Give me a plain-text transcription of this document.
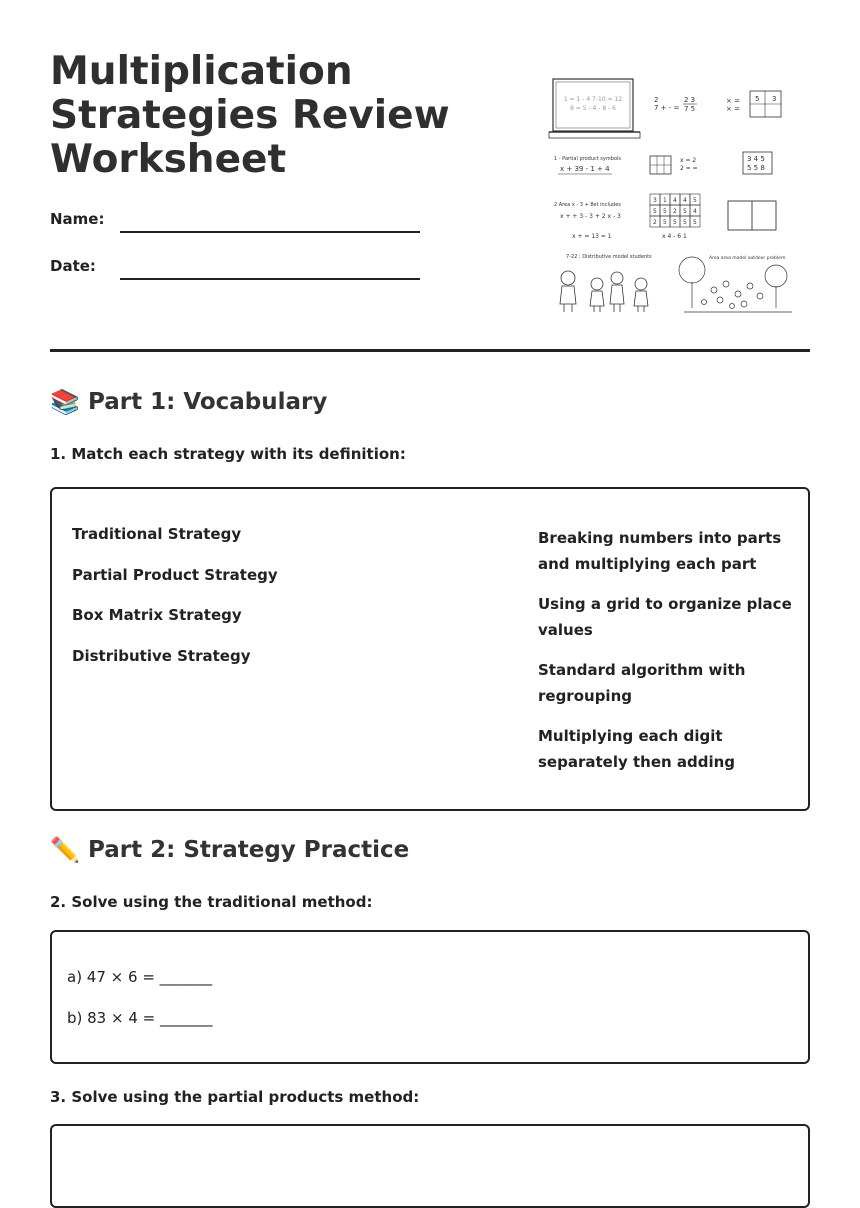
Multiplication Strategies Review Worksheet
Name:
Date:
1 = 1 - 4 7-10 = 12
8 = 5 - 4 - 8 - 6
2
7 + - =
2 3
7 5
× =
× =
5 3
1 - Partial product symbols
x + 39 - 1 + 4
x = 2
2 = =
3 4 5
5 5 8
2 Area x - 3 + 8et includes
x + + 3 - 3 + 2 x - 3
x + = 13 = 1
3 1 4 4 5
5 5 2 5 4
2 5 5 5 5
x 4 - 6 1
7-22 : Distributive model students	Area area model outdoor problem
📚 Part 1: Vocabulary

1. Match each strategy with its definition:

Traditional Strategy
Partial Product Strategy
Box Matrix Strategy
Distributive Strategy
Breaking numbers into parts and multiplying each part
Using a grid to organize place values
Standard algorithm with regrouping
Multiplying each digit separately then adding
✏️ Part 2: Strategy Practice

2. Solve using the traditional method:

a) 47 × 6 = _______
b) 83 × 4 = _______

3. Solve using the partial products method:
